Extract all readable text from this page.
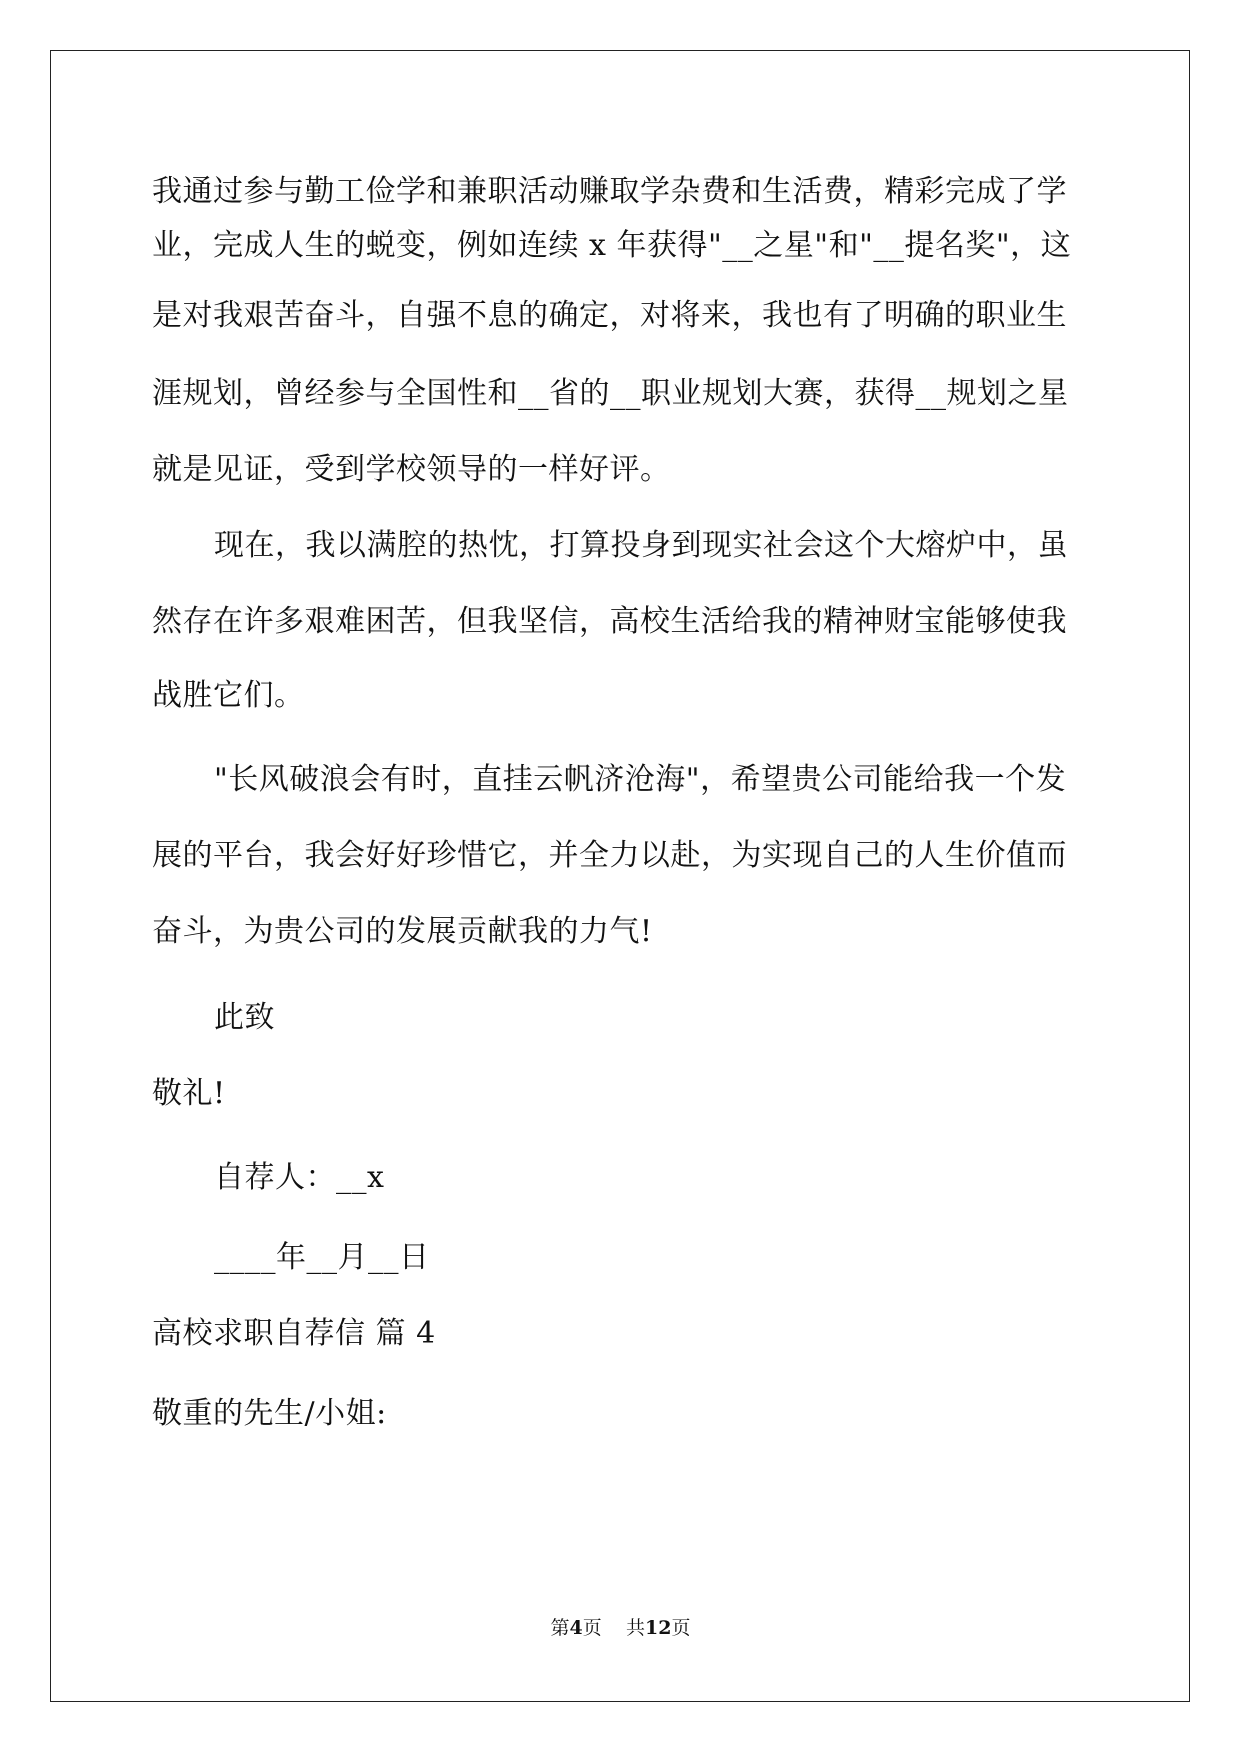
我通过参与勤工俭学和兼职活动赚取学杂费和生活费，精彩完成了学
业，完成人生的蜕变，例如连续 x 年获得"__之星"和"__提名奖"，这
是对我艰苦奋斗，自强不息的确定，对将来，我也有了明确的职业生
涯规划，曾经参与全国性和__省的__职业规划大赛，获得__规划之星
就是见证，受到学校领导的一样好评。
现在，我以满腔的热忱，打算投身到现实社会这个大熔炉中，虽
然存在许多艰难困苦，但我坚信，高校生活给我的精神财宝能够使我
战胜它们。
"长风破浪会有时，直挂云帆济沧海"，希望贵公司能给我一个发
展的平台，我会好好珍惜它，并全力以赴，为实现自己的人生价值而
奋斗，为贵公司的发展贡献我的力气!
此致
敬礼!
自荐人：__x
____年__月__日
高校求职自荐信 篇 4
敬重的先生/小姐:
第4页 共12页
